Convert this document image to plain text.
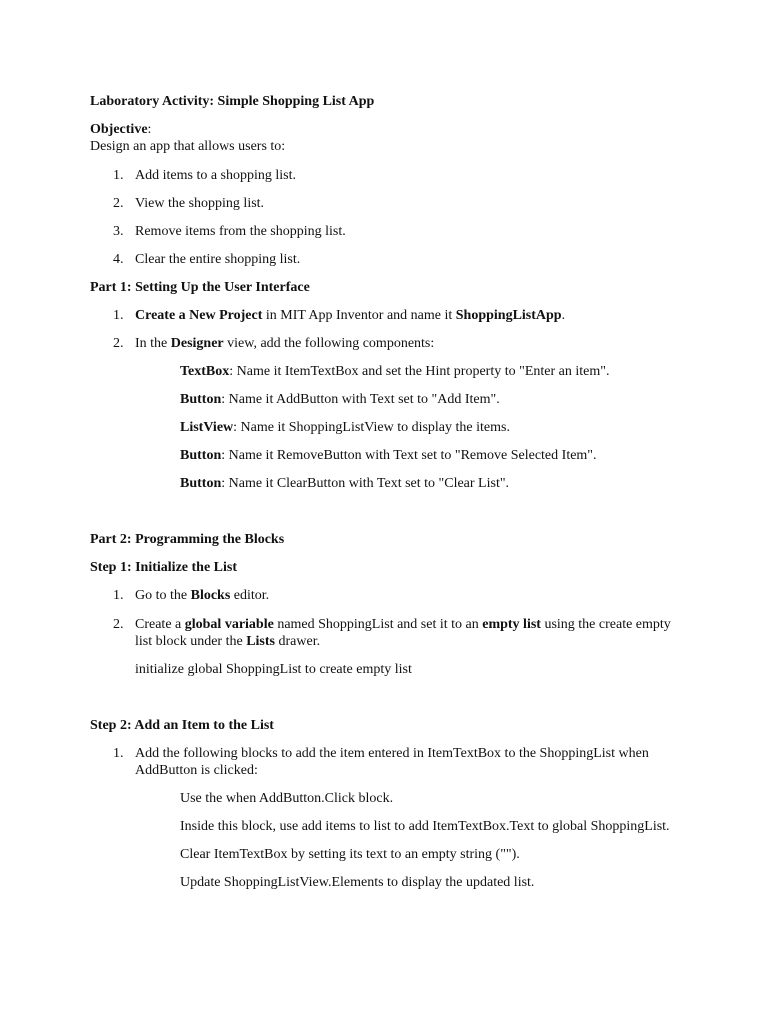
Laboratory Activity: Simple Shopping List App
Objective:
Design an app that allows users to:
1. Add items to a shopping list.
2. View the shopping list.
3. Remove items from the shopping list.
4. Clear the entire shopping list.
Part 1: Setting Up the User Interface
1. Create a New Project in MIT App Inventor and name it ShoppingListApp.
2. In the Designer view, add the following components:
TextBox: Name it ItemTextBox and set the Hint property to "Enter an item".
Button: Name it AddButton with Text set to "Add Item".
ListView: Name it ShoppingListView to display the items.
Button: Name it RemoveButton with Text set to "Remove Selected Item".
Button: Name it ClearButton with Text set to "Clear List".
Part 2: Programming the Blocks
Step 1: Initialize the List
1. Go to the Blocks editor.
2. Create a global variable named ShoppingList and set it to an empty list using the create empty
list block under the Lists drawer.
initialize global ShoppingList to create empty list
Step 2: Add an Item to the List
1. Add the following blocks to add the item entered in ItemTextBox to the ShoppingList when
AddButton is clicked:
Use the when AddButton.Click block.
Inside this block, use add items to list to add ItemTextBox.Text to global ShoppingList.
Clear ItemTextBox by setting its text to an empty string ("").
Update ShoppingListView.Elements to display the updated list.
